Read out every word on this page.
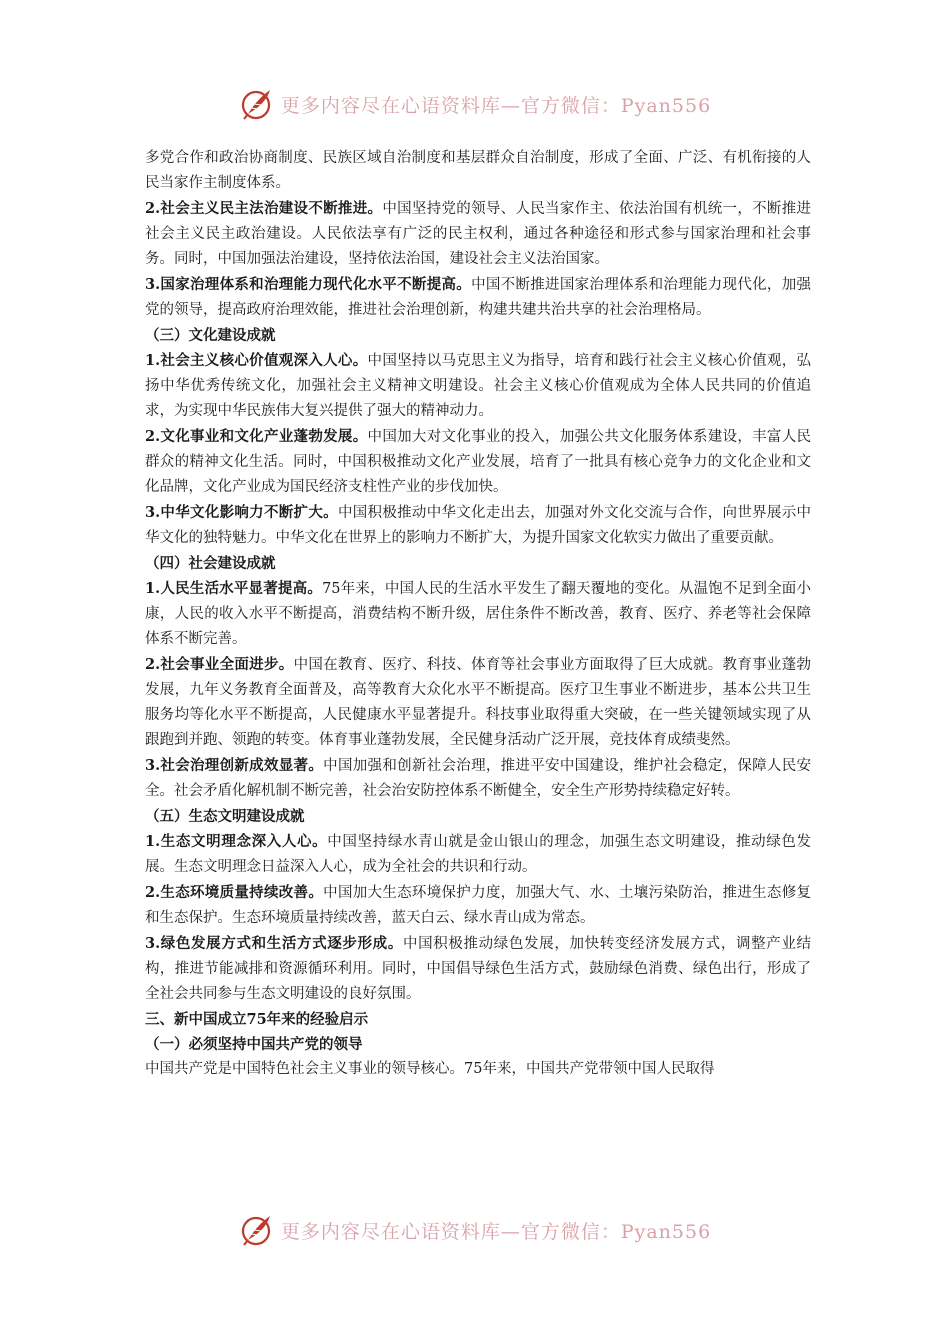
更多内容尽在心语资料库—官方微信：Pyan556

多党合作和政治协商制度、民族区域自治制度和基层群众自治制度，形成了全面、广泛、有机衔接的人民当家作主制度体系。

2.社会主义民主法治建设不断推进。中国坚持党的领导、人民当家作主、依法治国有机统一，不断推进社会主义民主政治建设。人民依法享有广泛的民主权利，通过各种途径和形式参与国家治理和社会事务。同时，中国加强法治建设，坚持依法治国，建设社会主义法治国家。

3.国家治理体系和治理能力现代化水平不断提高。中国不断推进国家治理体系和治理能力现代化，加强党的领导，提高政府治理效能，推进社会治理创新，构建共建共治共享的社会治理格局。

（三）文化建设成就

1.社会主义核心价值观深入人心。中国坚持以马克思主义为指导，培育和践行社会主义核心价值观，弘扬中华优秀传统文化，加强社会主义精神文明建设。社会主义核心价值观成为全体人民共同的价值追求，为实现中华民族伟大复兴提供了强大的精神动力。

2.文化事业和文化产业蓬勃发展。中国加大对文化事业的投入，加强公共文化服务体系建设，丰富人民群众的精神文化生活。同时，中国积极推动文化产业发展，培育了一批具有核心竞争力的文化企业和文化品牌，文化产业成为国民经济支柱性产业的步伐加快。

3.中华文化影响力不断扩大。中国积极推动中华文化走出去，加强对外文化交流与合作，向世界展示中华文化的独特魅力。中华文化在世界上的影响力不断扩大，为提升国家文化软实力做出了重要贡献。

（四）社会建设成就

1.人民生活水平显著提高。75年来，中国人民的生活水平发生了翻天覆地的变化。从温饱不足到全面小康，人民的收入水平不断提高，消费结构不断升级，居住条件不断改善，教育、医疗、养老等社会保障体系不断完善。

2.社会事业全面进步。中国在教育、医疗、科技、体育等社会事业方面取得了巨大成就。教育事业蓬勃发展，九年义务教育全面普及，高等教育大众化水平不断提高。医疗卫生事业不断进步，基本公共卫生服务均等化水平不断提高，人民健康水平显著提升。科技事业取得重大突破，在一些关键领域实现了从跟跑到并跑、领跑的转变。体育事业蓬勃发展，全民健身活动广泛开展，竞技体育成绩斐然。

3.社会治理创新成效显著。中国加强和创新社会治理，推进平安中国建设，维护社会稳定，保障人民安全。社会矛盾化解机制不断完善，社会治安防控体系不断健全，安全生产形势持续稳定好转。

（五）生态文明建设成就

1.生态文明理念深入人心。中国坚持绿水青山就是金山银山的理念，加强生态文明建设，推动绿色发展。生态文明理念日益深入人心，成为全社会的共识和行动。

2.生态环境质量持续改善。中国加大生态环境保护力度，加强大气、水、土壤污染防治，推进生态修复和生态保护。生态环境质量持续改善，蓝天白云、绿水青山成为常态。

3.绿色发展方式和生活方式逐步形成。中国积极推动绿色发展，加快转变经济发展方式，调整产业结构，推进节能减排和资源循环利用。同时，中国倡导绿色生活方式，鼓励绿色消费、绿色出行，形成了全社会共同参与生态文明建设的良好氛围。

三、新中国成立75年来的经验启示

（一）必须坚持中国共产党的领导

中国共产党是中国特色社会主义事业的领导核心。75年来，中国共产党带领中国人民取得

更多内容尽在心语资料库—官方微信：Pyan556
